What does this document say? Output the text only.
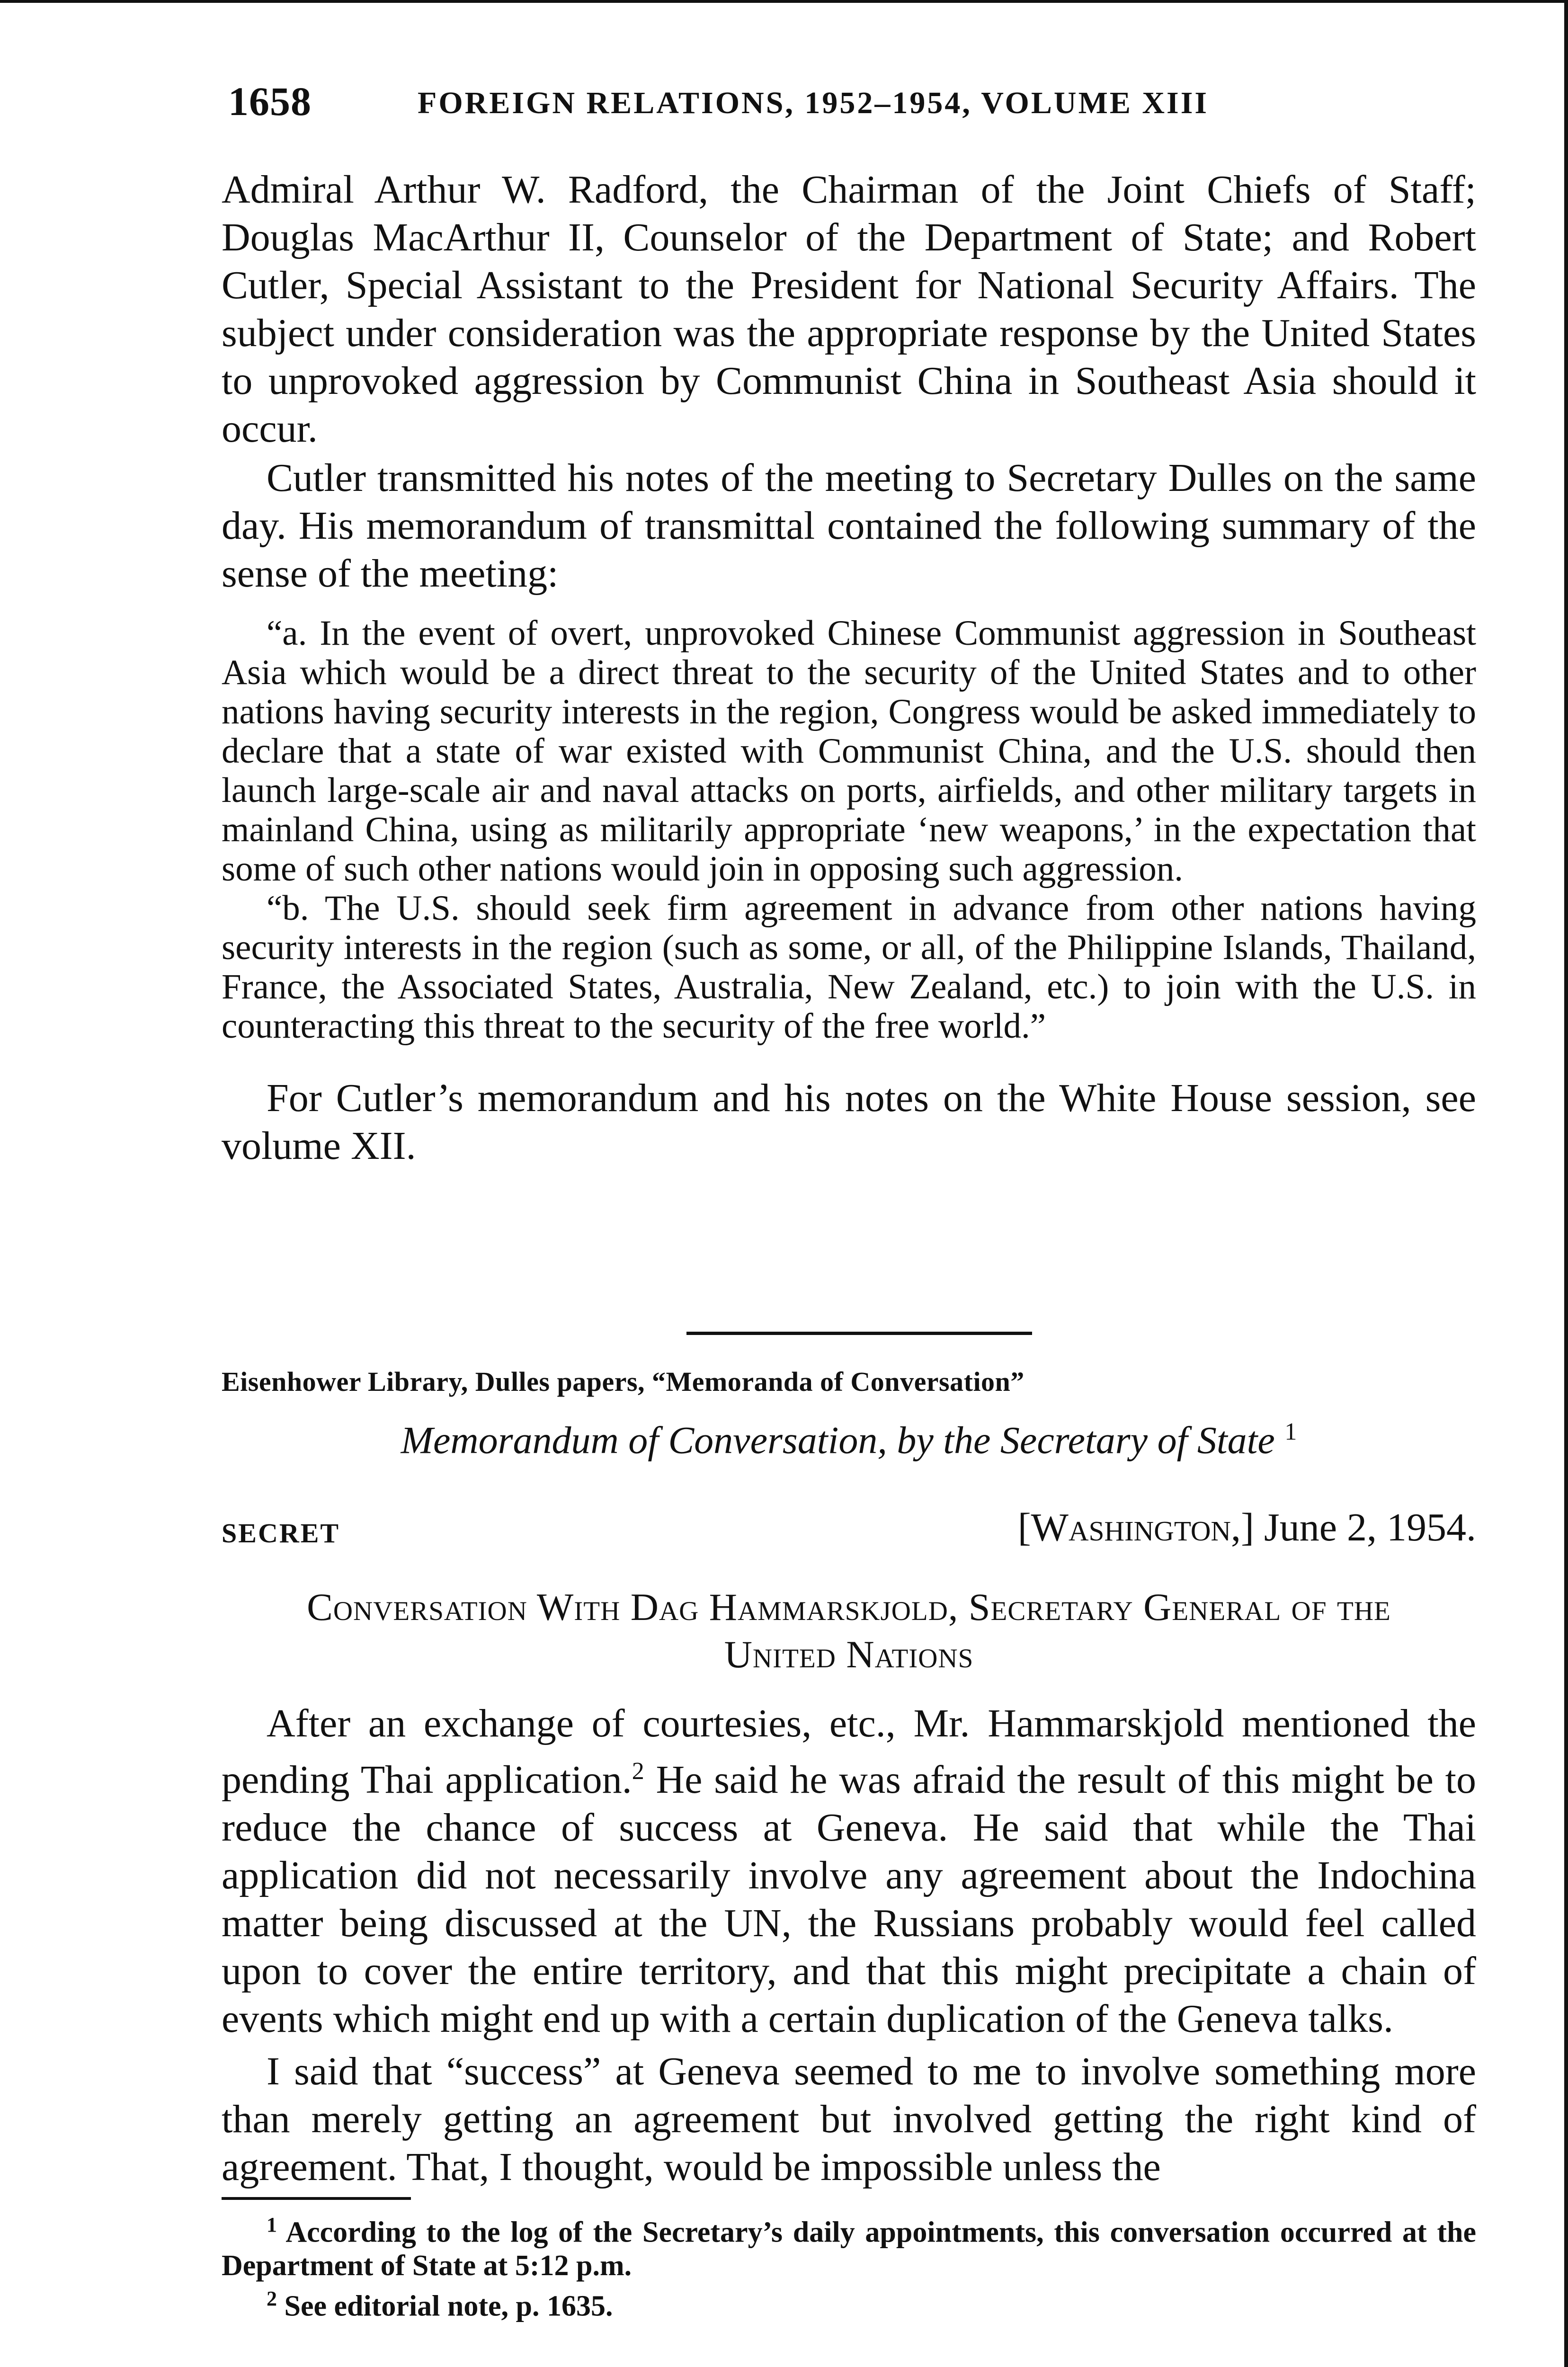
1658	FOREIGN RELATIONS, 1952–1954, VOLUME XIII

Admiral Arthur W. Radford, the Chairman of the Joint Chiefs of Staff; Douglas MacArthur II, Counselor of the Department of State; and Robert Cutler, Special Assistant to the President for National Security Affairs. The subject under consideration was the appropriate response by the United States to unprovoked aggression by Communist China in Southeast Asia should it occur.

Cutler transmitted his notes of the meeting to Secretary Dulles on the same day. His memorandum of transmittal contained the following summary of the sense of the meeting:

“a. In the event of overt, unprovoked Chinese Communist aggression in Southeast Asia which would be a direct threat to the security of the United States and to other nations having security interests in the region, Congress would be asked immediately to declare that a state of war existed with Communist China, and the U.S. should then launch large-scale air and naval attacks on ports, airfields, and other military targets in mainland China, using as militarily appropriate ‘new weapons,’ in the expectation that some of such other nations would join in opposing such aggression.

“b. The U.S. should seek firm agreement in advance from other nations having security interests in the region (such as some, or all, of the Philippine Islands, Thailand, France, the Associated States, Australia, New Zealand, etc.) to join with the U.S. in counteracting this threat to the security of the free world.”

For Cutler’s memorandum and his notes on the White House session, see volume XII.

Eisenhower Library, Dulles papers, “Memoranda of Conversation”
Memorandum of Conversation, by the Secretary of State $^1$
SECRET	[Washington,] June 2, 1954.
Conversation With Dag Hammarskjold, Secretary General of the
United Nations

After an exchange of courtesies, etc., Mr. Hammarskjold mentioned the pending Thai application.$^2$ He said he was afraid the result of this might be to reduce the chance of success at Geneva. He said that while the Thai application did not necessarily involve any agreement about the Indochina matter being discussed at the UN, the Russians probably would feel called upon to cover the entire territory, and that this might precipitate a chain of events which might end up with a certain duplication of the Geneva talks.

I said that “success” at Geneva seemed to me to involve something more than merely getting an agreement but involved getting the right kind of agreement. That, I thought, would be impossible unless the

$^1$ According to the log of the Secretary’s daily appointments, this conversation occurred at the Department of State at 5:12 p.m.

$^2$ See editorial note, p. 1635.
